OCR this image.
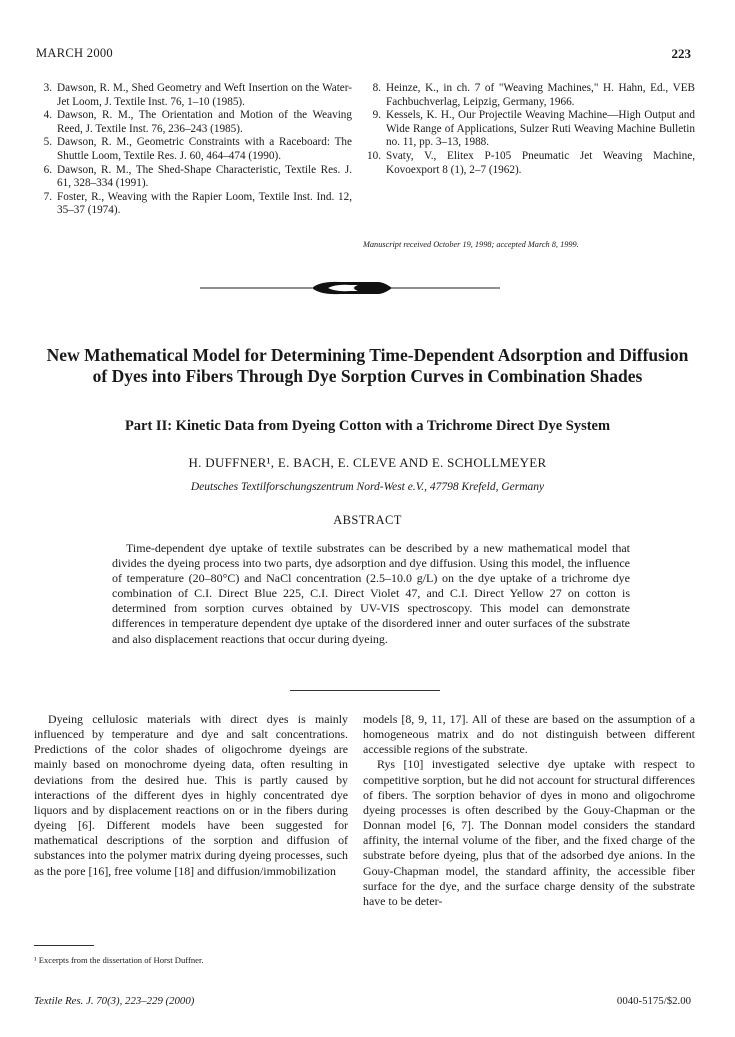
MARCH 2000	223
3. Dawson, R. M., Shed Geometry and Weft Insertion on the Water-Jet Loom, J. Textile Inst. 76, 1–10 (1985).
4. Dawson, R. M., The Orientation and Motion of the Weaving Reed, J. Textile Inst. 76, 236–243 (1985).
5. Dawson, R. M., Geometric Constraints with a Raceboard: The Shuttle Loom, Textile Res. J. 60, 464–474 (1990).
6. Dawson, R. M., The Shed-Shape Characteristic, Textile Res. J. 61, 328–334 (1991).
7. Foster, R., Weaving with the Rapier Loom, Textile Inst. Ind. 12, 35–37 (1974).
8. Heinze, K., in ch. 7 of "Weaving Machines," H. Hahn, Ed., VEB Fachbuchverlag, Leipzig, Germany, 1966.
9. Kessels, K. H., Our Projectile Weaving Machine—High Output and Wide Range of Applications, Sulzer Ruti Weaving Machine Bulletin no. 11, pp. 3–13, 1988.
10. Svaty, V., Elitex P-105 Pneumatic Jet Weaving Machine, Kovoexport 8 (1), 2–7 (1962).
Manuscript received October 19, 1998; accepted March 8, 1999.
New Mathematical Model for Determining Time-Dependent Adsorption and Diffusion of Dyes into Fibers Through Dye Sorption Curves in Combination Shades
Part II: Kinetic Data from Dyeing Cotton with a Trichrome Direct Dye System
H. DUFFNER¹, E. BACH, E. CLEVE AND E. SCHOLLMEYER
Deutsches Textilforschungszentrum Nord-West e.V., 47798 Krefeld, Germany
ABSTRACT
Time-dependent dye uptake of textile substrates can be described by a new mathematical model that divides the dyeing process into two parts, dye adsorption and dye diffusion. Using this model, the influence of temperature (20–80°C) and NaCl concentration (2.5–10.0 g/L) on the dye uptake of a trichrome dye combination of C.I. Direct Blue 225, C.I. Direct Violet 47, and C.I. Direct Yellow 27 on cotton is determined from sorption curves obtained by UV-VIS spectroscopy. This model can demonstrate differences in temperature dependent dye uptake of the disordered inner and outer surfaces of the substrate and also displacement reactions that occur during dyeing.

Dyeing cellulosic materials with direct dyes is mainly influenced by temperature and dye and salt concentrations. Predictions of the color shades of oligochrome dyeings are mainly based on monochrome dyeing data, often resulting in deviations from the desired hue. This is partly caused by interactions of the different dyes in highly concentrated dye liquors and by displacement reactions on or in the fibers during dyeing [6]. Different models have been suggested for mathematical descriptions of the sorption and diffusion of substances into the polymer matrix during dyeing processes, such as the pore [16], free volume [18] and diffusion/immobilization

models [8, 9, 11, 17]. All of these are based on the assumption of a homogeneous matrix and do not distinguish between different accessible regions of the substrate.

Rys [10] investigated selective dye uptake with respect to competitive sorption, but he did not account for structural differences of fibers. The sorption behavior of dyes in mono and oligochrome dyeing processes is often described by the Gouy-Chapman or the Donnan model [6, 7]. The Donnan model considers the standard affinity, the internal volume of the fiber, and the fixed charge of the substrate before dyeing, plus that of the adsorbed dye anions. In the Gouy-Chapman model, the standard affinity, the accessible fiber surface for the dye, and the surface charge density of the substrate have to be deter-

¹ Excerpts from the dissertation of Horst Duffner.
Textile Res. J. 70(3), 223–229 (2000)	0040-5175/$2.00
